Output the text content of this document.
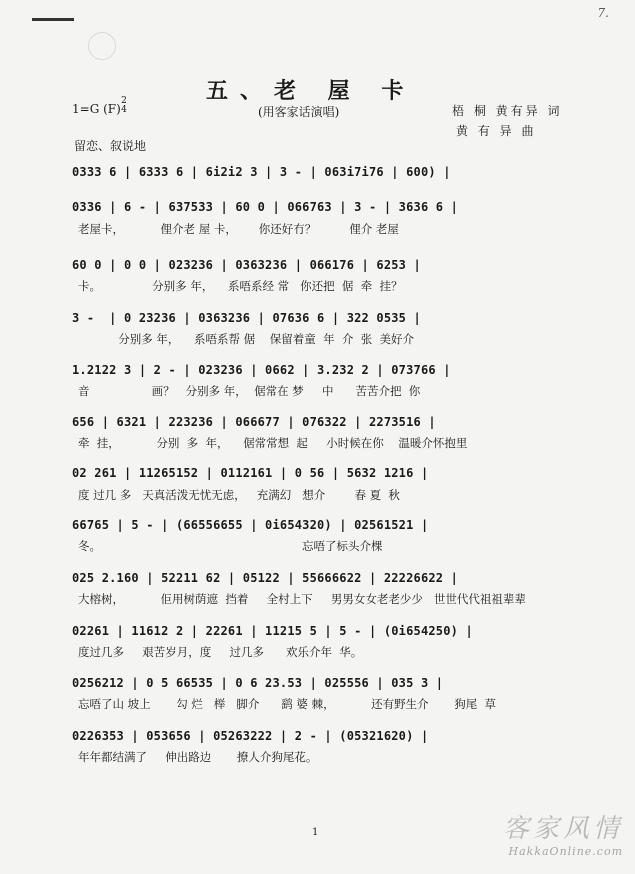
7.
五、老 屋 卡
(用客家话演唱)
1=G (F)
2
4	梧 桐 黄有异 词
黄 有 异 曲
留恋、叙说地
0333 6 | 6333 6 | 6i2i2 3 | 3 - | 063i7i76 | 600) |
0336 | 6 - | 637533 | 60 0 | 066763 | 3 - | 3636 6 |
老屋卡，          俚介老 屋 卡，      你还好冇？         俚介 老屋
60 0 | 0 0 | 023236 | 0363236 | 066176 | 6253 |
卡。              分别多 年，    系唔系经 常   你还把  倨  牵  挂？
3 -  | 0 23236 | 0363236 | 07636 6 | 322 0535 |
分别多 年，    系唔系帮 倨    保留着童  年  介  张  美好介
1.2122 3 | 2 - | 023236 | 0662 | 3.232 2 | 073766 |
音                 画？   分别多 年，  倨常在 梦     中      苦苦介把  你
656 | 6321 | 223236 | 066677 | 076322 | 2273516 |
牵  挂，          分别  多  年，    倨常常想  起     小时候在你    温暖介怀抱里
02 261 | 11265152 | 0112161 | 0 56 | 5632 1216 |
度 过几 多   天真活泼无忧无虑，   充满幻   想介        春 夏  秋
66765 | 5 - | (66556655 | 0i654320) | 02561521 |
冬。                                                       忘唔了标头介棵
025 2.160 | 52211 62 | 05122 | 55666622 | 22226622 |
大榕树，          佢用树荫遮  挡着     全村上下     男男女女老老少少   世世代代祖祖辈辈
02261 | 11612 2 | 22261 | 11215 5 | 5 - | (0i654250) |
度过几多     艰苦岁月，度     过几多      欢乐介年  华。
0256212 | 0 5 66535 | 0 6 23.53 | 025556 | 035 3 |
忘唔了山 坡上       勾 烂   榉   脚介      鹞 婆 棘，          还有野生介       狗尾  草
0226353 | 053656 | 05263222 | 2 - | (05321620) |
年年都结满了     伸出路边       撩人介狗尾花。
1	客家风情
HakkaOnline.com
